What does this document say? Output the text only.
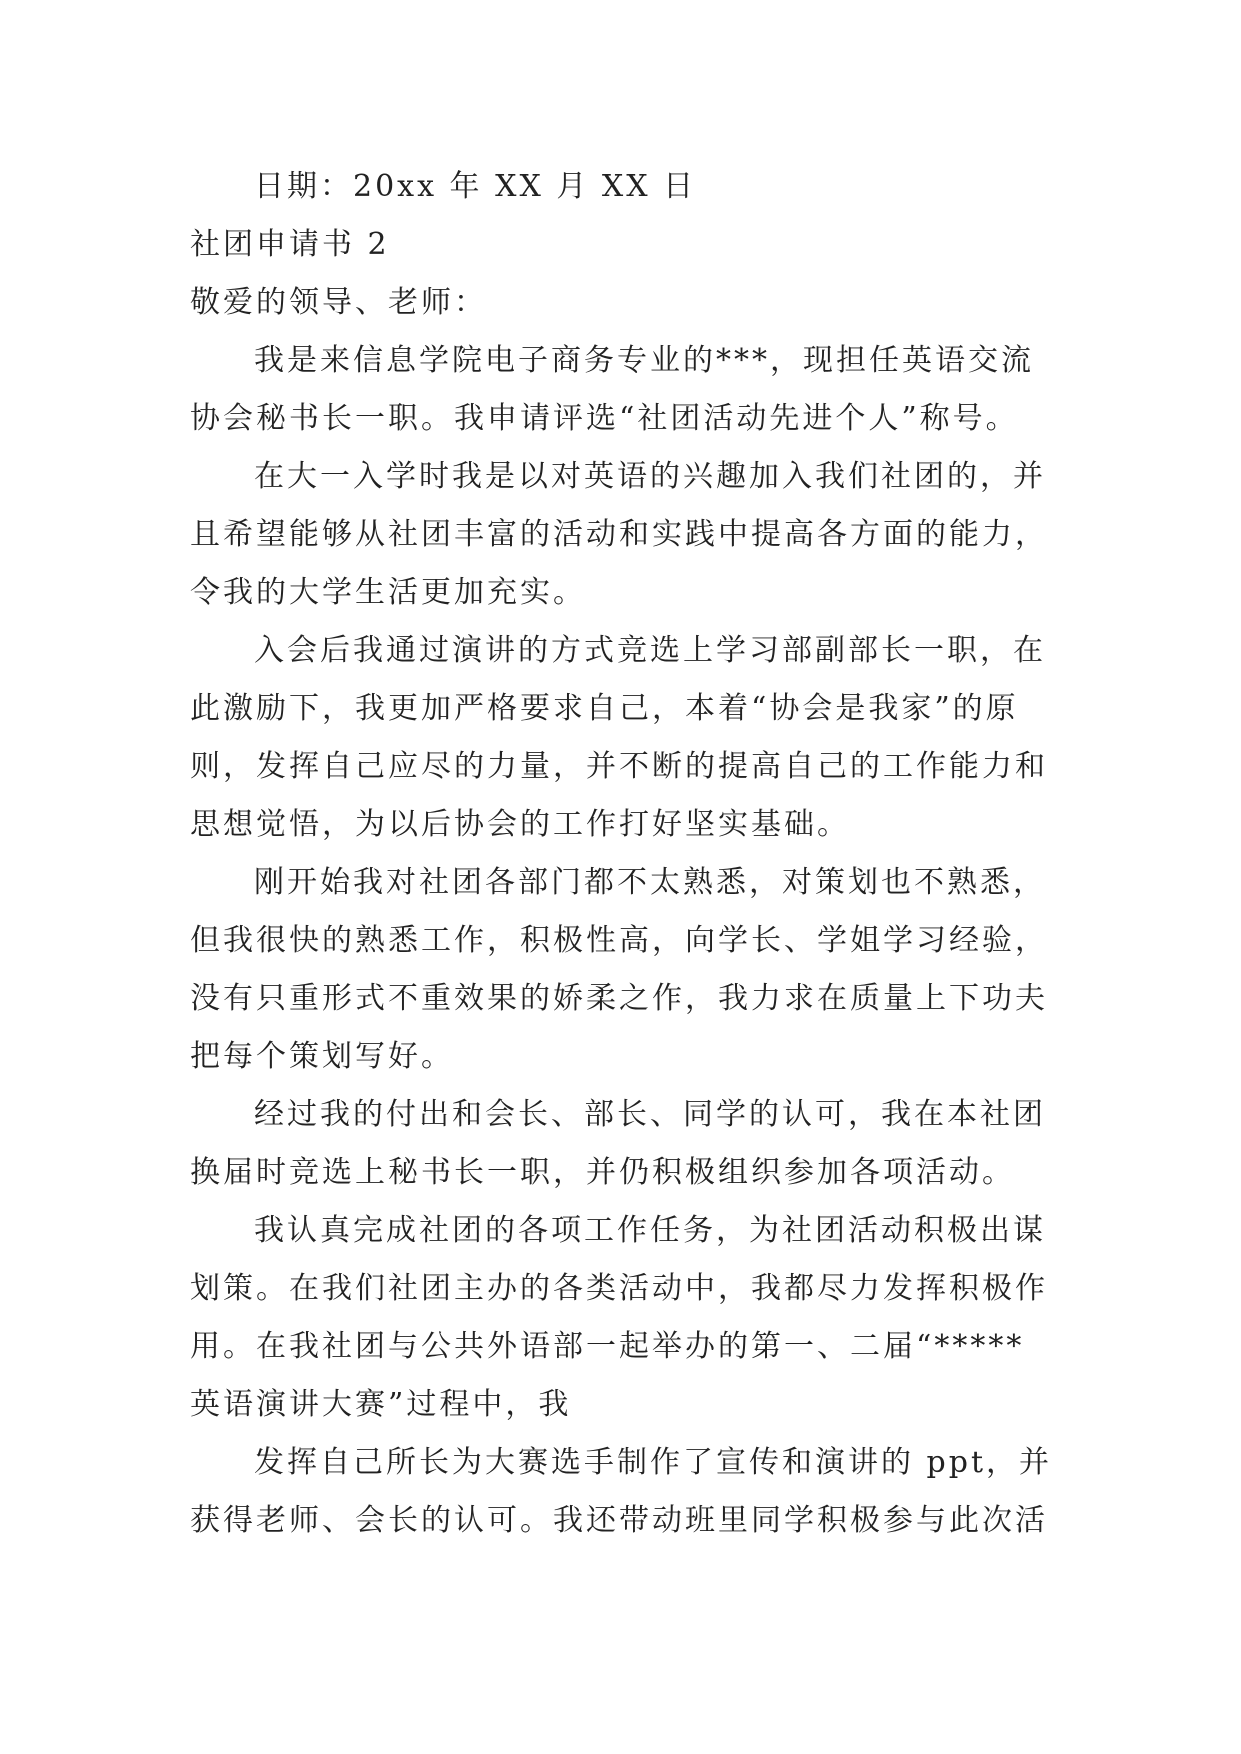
日期：20xx 年 XX 月 XX 日
社团申请书 2
敬爱的领导、老师：
我是来信息学院电子商务专业的***，现担任英语交流
协会秘书长一职。我申请评选“社团活动先进个人”称号。
在大一入学时我是以对英语的兴趣加入我们社团的，并
且希望能够从社团丰富的活动和实践中提高各方面的能力，
令我的大学生活更加充实。
入会后我通过演讲的方式竞选上学习部副部长一职，在
此激励下，我更加严格要求自己，本着“协会是我家”的原
则，发挥自己应尽的力量，并不断的提高自己的工作能力和
思想觉悟，为以后协会的工作打好坚实基础。
刚开始我对社团各部门都不太熟悉，对策划也不熟悉，
但我很快的熟悉工作，积极性高，向学长、学姐学习经验，
没有只重形式不重效果的娇柔之作，我力求在质量上下功夫
把每个策划写好。
经过我的付出和会长、部长、同学的认可，我在本社团
换届时竞选上秘书长一职，并仍积极组织参加各项活动。
我认真完成社团的各项工作任务，为社团活动积极出谋
划策。在我们社团主办的各类活动中，我都尽力发挥积极作
用。在我社团与公共外语部一起举办的第一、二届“*****
英语演讲大赛”过程中，我
发挥自己所长为大赛选手制作了宣传和演讲的 ppt，并
获得老师、会长的认可。我还带动班里同学积极参与此次活
